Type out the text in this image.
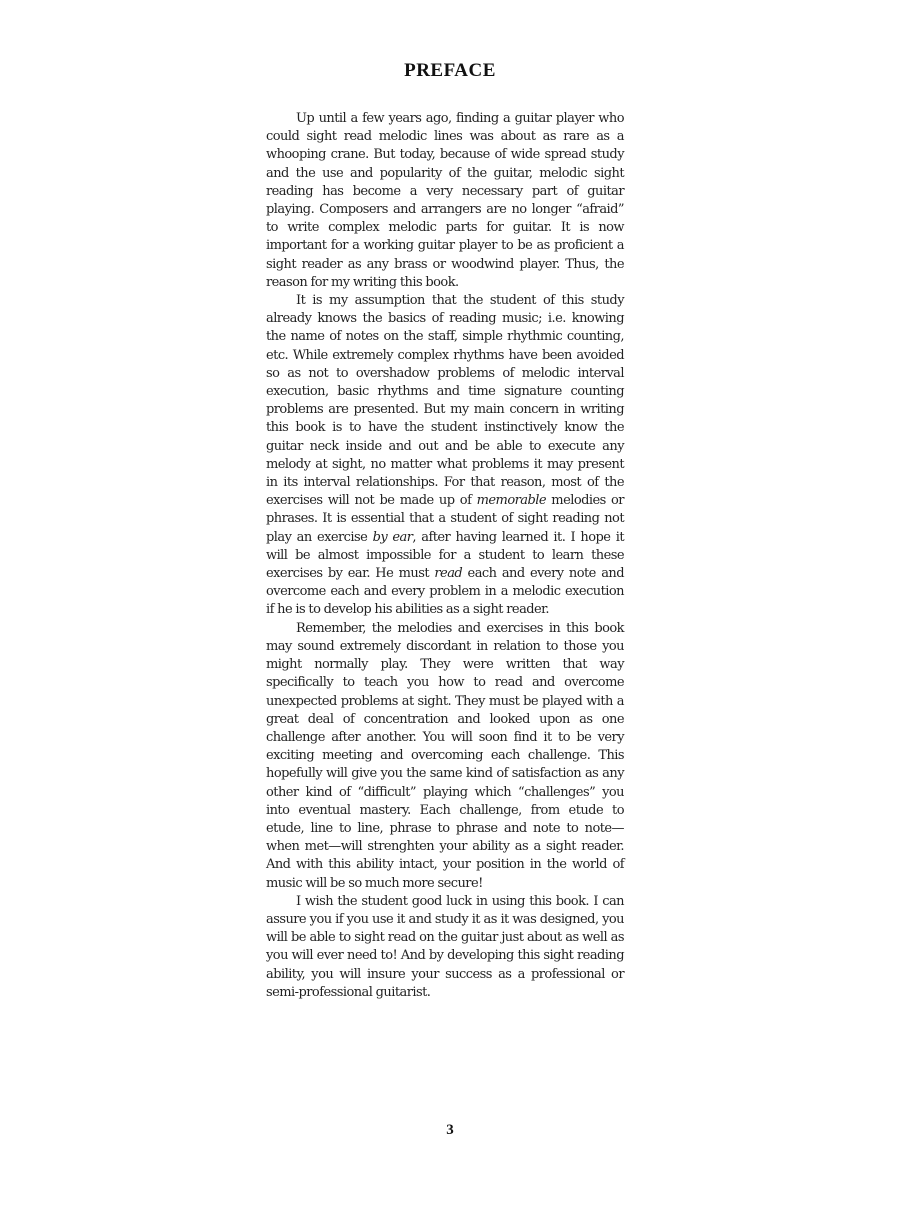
PREFACE

Up until a few years ago, finding a guitar player who could sight read melodic lines was about as rare as a whooping crane. But today, because of wide spread study and the use and popularity of the guitar, melodic sight reading has become a very necessary part of guitar playing. Composers and arrangers are no longer “afraid” to write complex melodic parts for guitar. It is now important for a working guitar player to be as proficient a sight reader as any brass or woodwind player. Thus, the reason for my writing this book.

It is my assumption that the student of this study already knows the basics of reading music; i.e. knowing the name of notes on the staff, simple rhythmic counting, etc. While extremely complex rhythms have been avoided so as not to overshadow problems of melodic interval execution, basic rhythms and time signature counting problems are presented. But my main concern in writing this book is to have the student instinctively know the guitar neck inside and out and be able to execute any melody at sight, no matter what problems it may present in its interval relationships. For that reason, most of the exercises will not be made up of memorable melodies or phrases. It is essential that a student of sight reading not play an exercise by ear, after having learned it. I hope it will be almost impossible for a student to learn these exercises by ear. He must read each and every note and overcome each and every problem in a melodic execution if he is to develop his abilities as a sight reader.

Remember, the melodies and exercises in this book may sound extremely discordant in relation to those you might normally play. They were written that way specifically to teach you how to read and overcome unexpected problems at sight. They must be played with a great deal of concentration and looked upon as one challenge after another. You will soon find it to be very exciting meeting and overcoming each challenge. This hopefully will give you the same kind of satisfaction as any other kind of “difficult” playing which “challenges” you into eventual mastery. Each challenge, from etude to etude, line to line, phrase to phrase and note to note—when met—will strenghten your ability as a sight reader. And with this ability intact, your position in the world of music will be so much more secure!

I wish the student good luck in using this book. I can assure you if you use it and study it as it was designed, you will be able to sight read on the guitar just about as well as you will ever need to! And by developing this sight reading ability, you will insure your success as a professional or semi-professional guitarist.

3
